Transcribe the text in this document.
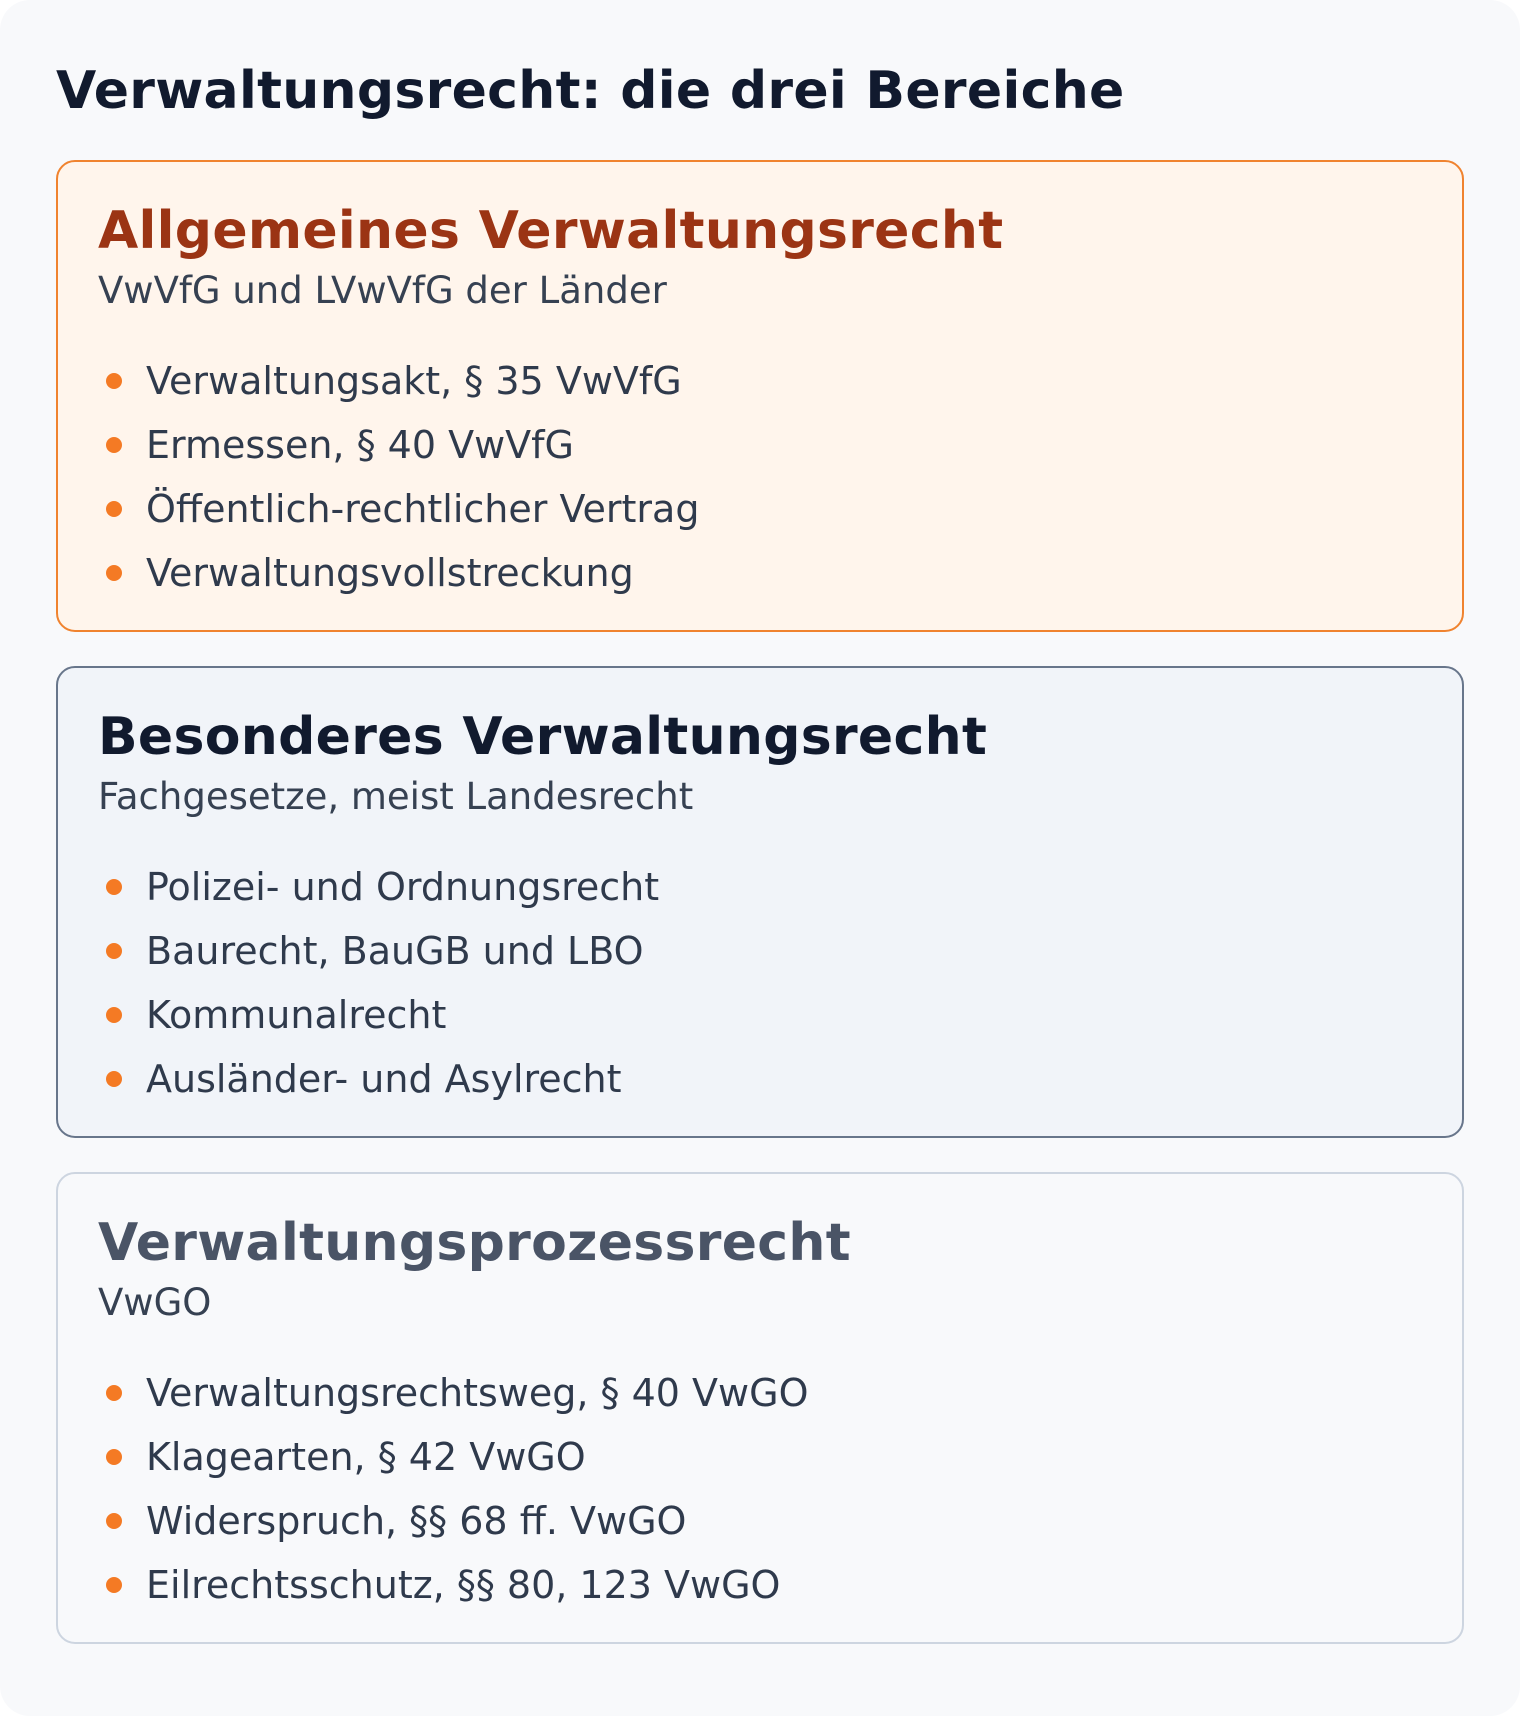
Verwaltungsrecht: die drei Bereiche
Allgemeines Verwaltungsrecht

VwVfG und LVwVfG der Länder

Verwaltungsakt, § 35 VwVfG
Ermessen, § 40 VwVfG
Öffentlich-rechtlicher Vertrag
Verwaltungsvollstreckung
Besonderes Verwaltungsrecht

Fachgesetze, meist Landesrecht

Polizei- und Ordnungsrecht
Baurecht, BauGB und LBO
Kommunalrecht
Ausländer- und Asylrecht
Verwaltungsprozessrecht

VwGO

Verwaltungsrechtsweg, § 40 VwGO
Klagearten, § 42 VwGO
Widerspruch, §§ 68 ff. VwGO
Eilrechtsschutz, §§ 80, 123 VwGO
